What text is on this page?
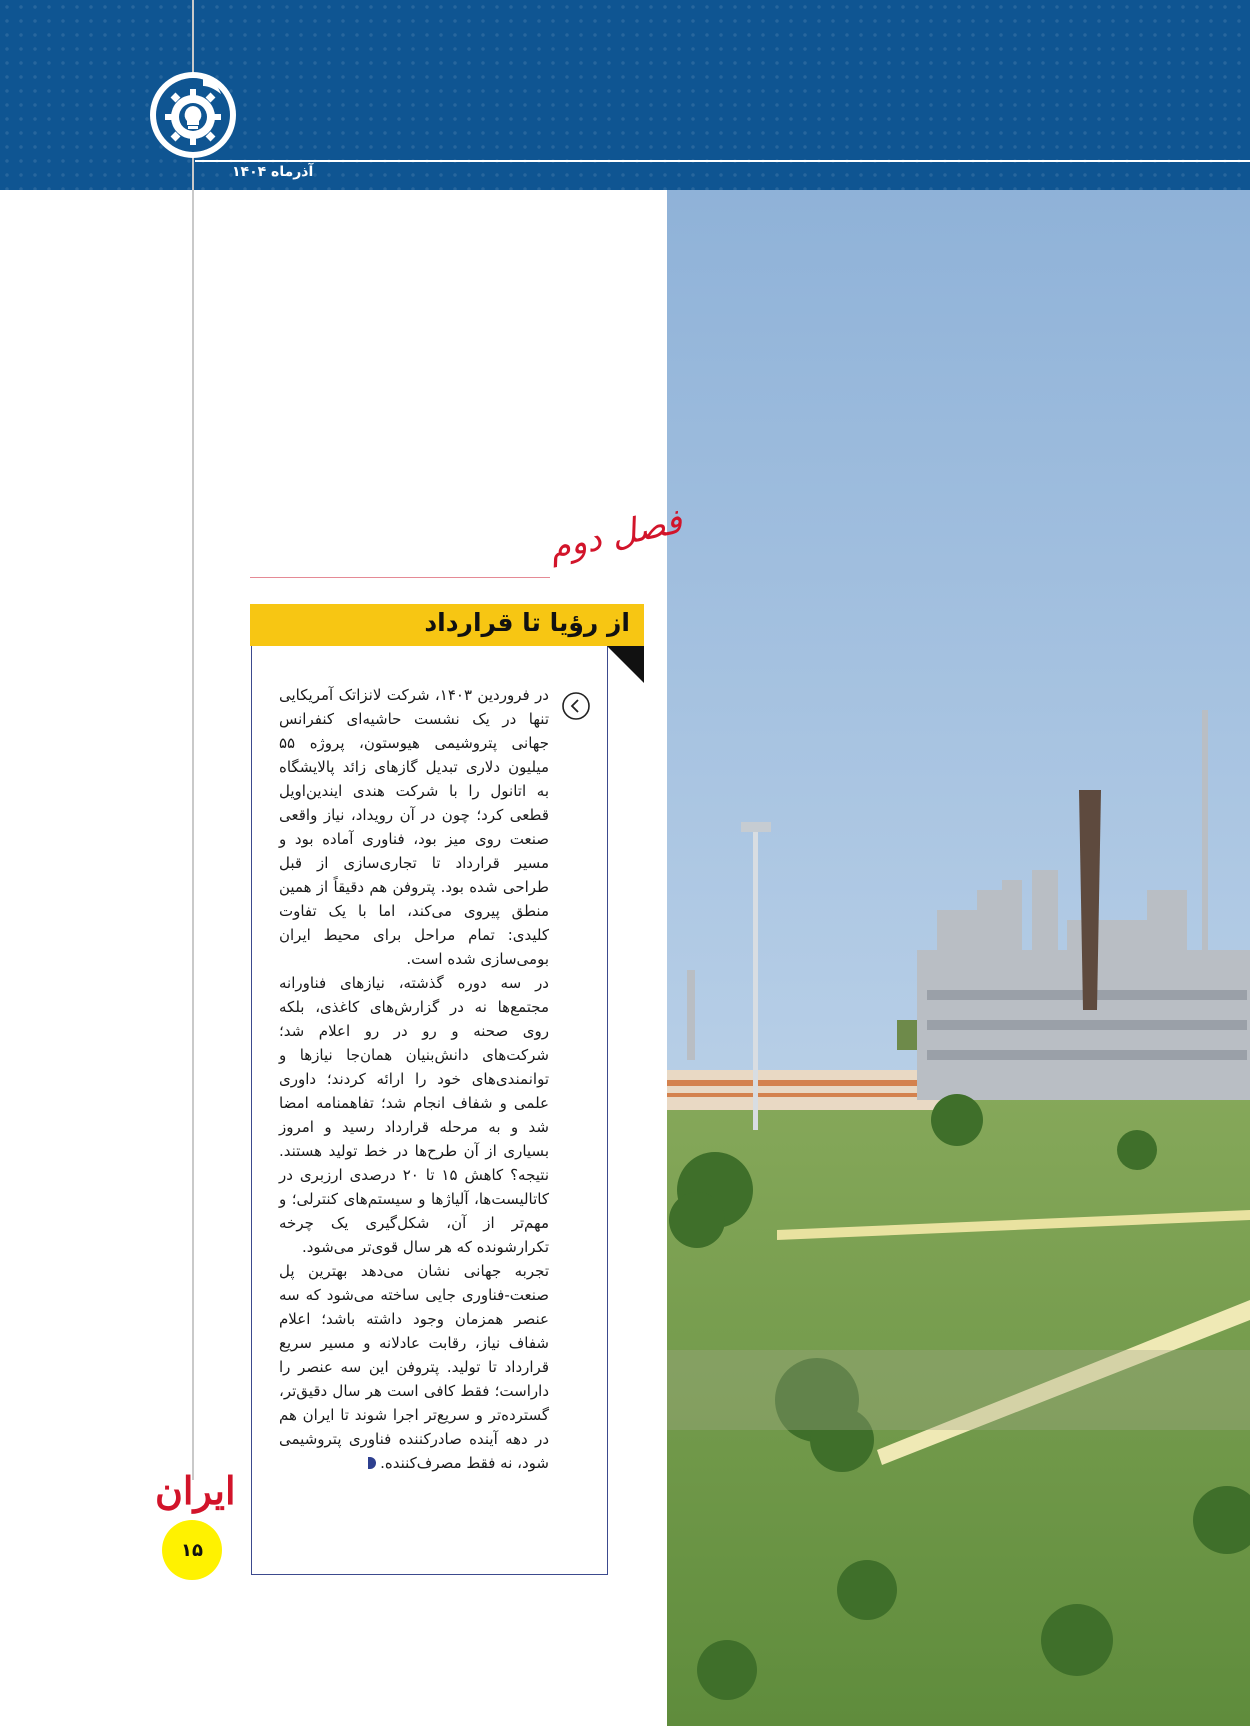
آذرماه ۱۴۰۴
فصل دوم
از رؤیا تا قرارداد

در فروردین ۱۴۰۳، شرکت لانزاتک آمریکایی تنها در یک نشست حاشیه‌ای کنفرانس جهانی پتروشیمی هیوستون، پروژه ۵۵ میلیون دلاری تبدیل گازهای زائد پالایشگاه به اتانول را با شرکت هندی ایندین‌اویل قطعی کرد؛ چون در آن رویداد، نیاز واقعی صنعت روی میز بود، فناوری آماده بود و مسیر قرارداد تا تجاری‌سازی از قبل طراحی شده بود. پتروفن هم دقیقاً از همین منطق پیروی می‌کند، اما با یک تفاوت کلیدی: تمام مراحل برای محیط ایران بومی‌سازی شده است.

در سه دوره گذشته، نیازهای فناورانه مجتمع‌ها نه در گزارش‌های کاغذی، بلکه روی صحنه و رو در رو اعلام شد؛ شرکت‌های دانش‌بنیان همان‌جا نیازها و توانمندی‌های خود را ارائه کردند؛ داوری علمی و شفاف انجام شد؛ تفاهمنامه امضا شد و به مرحله قرارداد رسید و امروز بسیاری از آن طرح‌ها در خط تولید هستند. نتیجه؟ کاهش ۱۵ تا ۲۰ درصدی ارزبری در کاتالیست‌ها، آلیاژها و سیستم‌های کنترلی؛ و مهم‌تر از آن، شکل‌گیری یک چرخه تکرارشونده که هر سال قوی‌تر می‌شود.

تجربه جهانی نشان می‌دهد بهترین پل صنعت-فناوری جایی ساخته می‌شود که سه عنصر همزمان وجود داشته باشد؛ اعلام شفاف نیاز، رقابت عادلانه و مسیر سریع قرارداد تا تولید. پتروفن این سه عنصر را داراست؛ فقط کافی است هر سال دقیق‌تر، گسترده‌تر و سریع‌تر اجرا شوند تا ایران هم در دهه آینده صادرکننده فناوری پتروشیمی شود، نه فقط مصرف‌کننده.

ایران
۱۵
